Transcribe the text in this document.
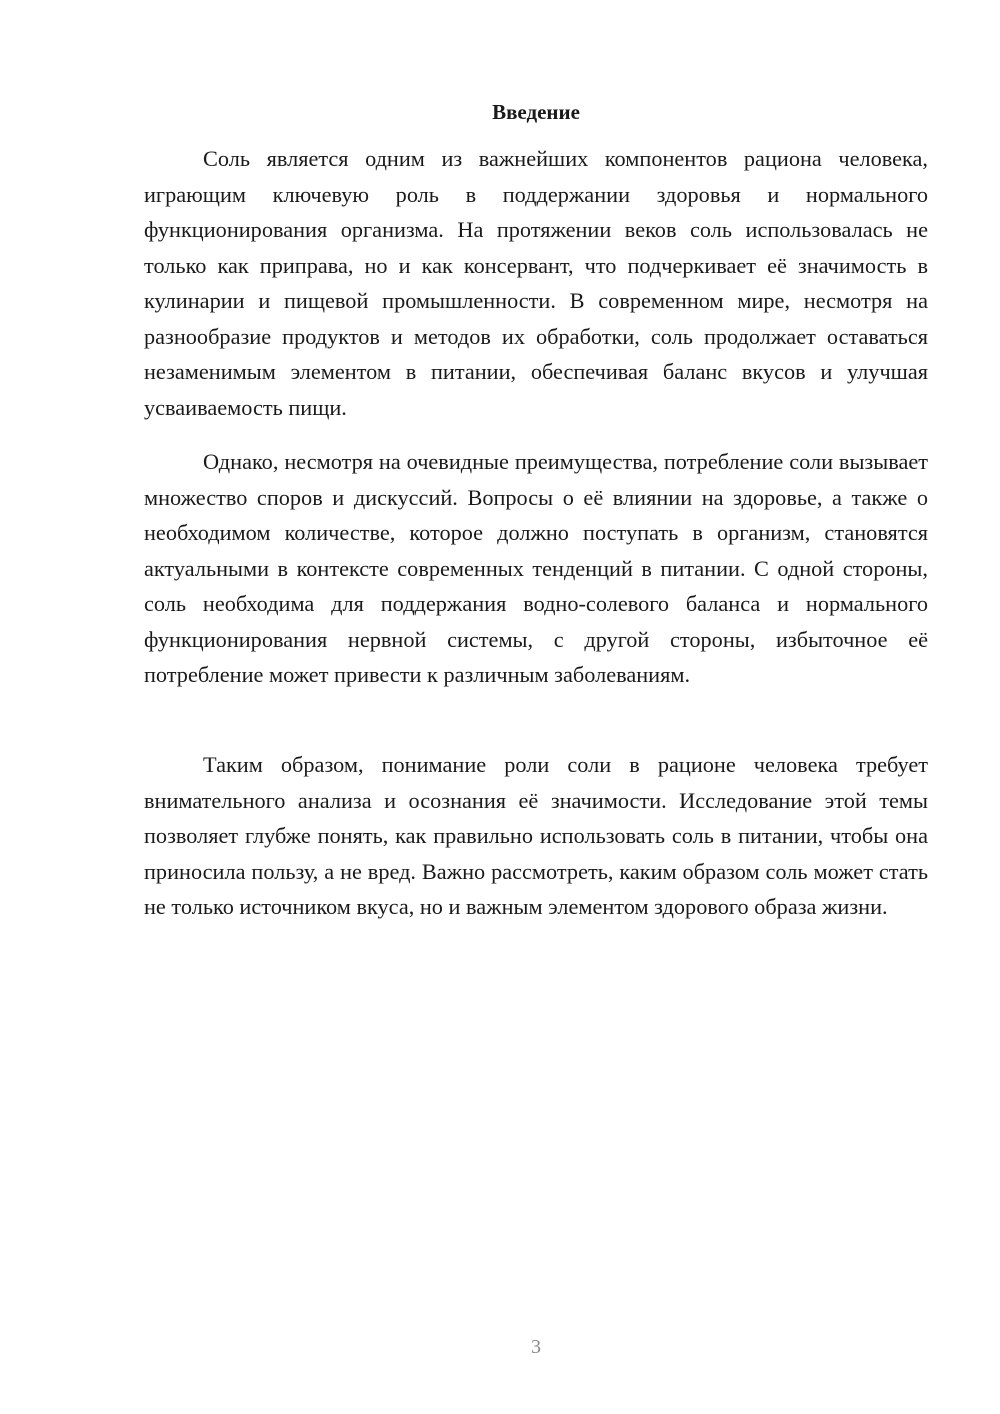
Введение

Соль является одним из важнейших компонентов рациона человека, играющим ключевую роль в поддержании здоровья и нормального функционирования организма. На протяжении веков соль использовалась не только как приправа, но и как консервант, что подчеркивает её значимость в кулинарии и пищевой промышленности. В современном мире, несмотря на разнообразие продуктов и методов их обработки, соль продолжает оставаться незаменимым элементом в питании, обеспечивая баланс вкусов и улучшая усваиваемость пищи.

Однако, несмотря на очевидные преимущества, потребление соли вызывает множество споров и дискуссий. Вопросы о её влиянии на здоровье, а также о необходимом количестве, которое должно поступать в организм, становятся актуальными в контексте современных тенденций в питании. С одной стороны, соль необходима для поддержания водно-солевого баланса и нормального функционирования нервной системы, с другой стороны, избыточное её потребление может привести к различным заболеваниям.

Таким образом, понимание роли соли в рационе человека требует внимательного анализа и осознания её значимости. Исследование этой темы позволяет глубже понять, как правильно использовать соль в питании, чтобы она приносила пользу, а не вред. Важно рассмотреть, каким образом соль может стать не только источником вкуса, но и важным элементом здорового образа жизни.

3
